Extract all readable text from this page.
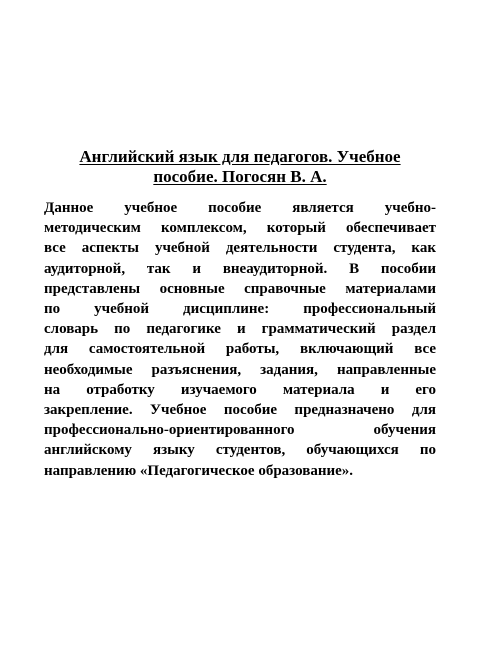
Английский язык для педагогов. Учебное
пособие. Погосян В. А.
Данное учебное пособие является учебно-
методическим комплексом, который обеспечивает
все аспекты учебной деятельности студента, как
аудиторной, так и внеаудиторной. В пособии
представлены основные справочные материалами
по учебной дисциплине: профессиональный
словарь по педагогике и грамматический раздел
для самостоятельной работы, включающий все
необходимые разъяснения, задания, направленные
на отработку изучаемого материала и его
закрепление. Учебное пособие предназначено для
профессионально-ориентированного обучения
английскому языку студентов, обучающихся по
направлению «Педагогическое образование».
